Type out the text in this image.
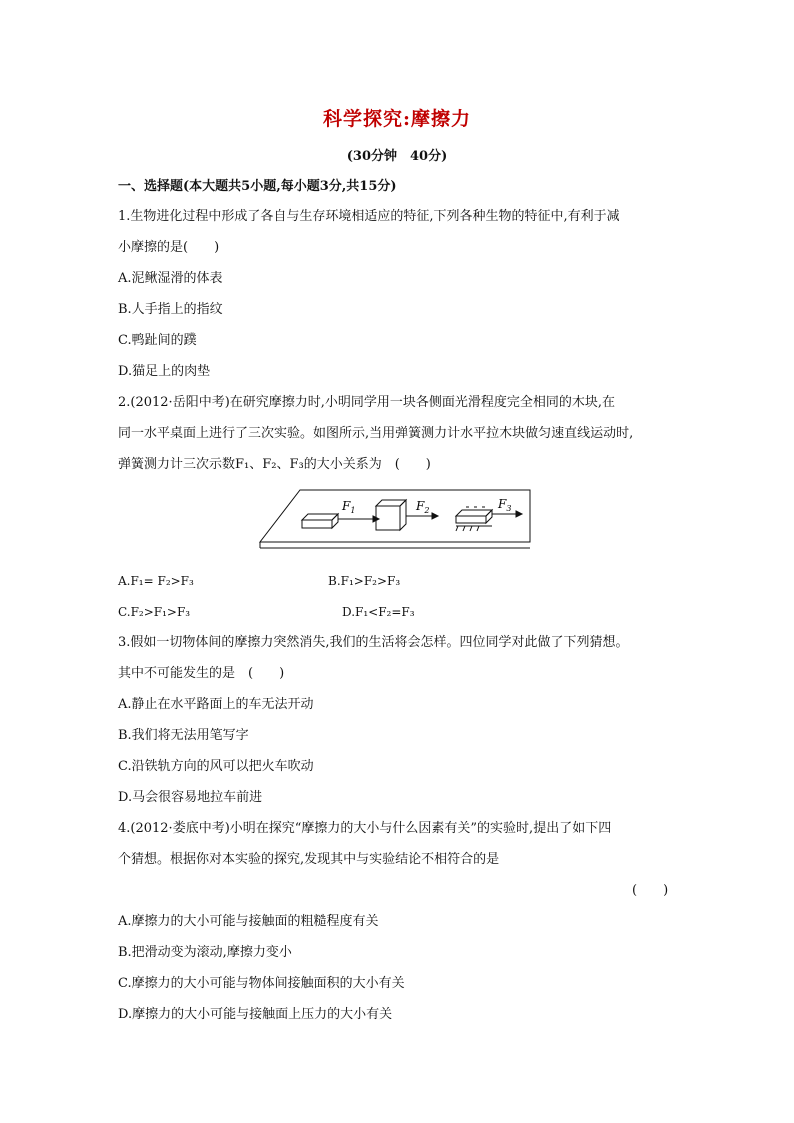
科学探究:摩擦力
(30分钟　40分)
一、选择题(本大题共5小题,每小题3分,共15分)
1.生物进化过程中形成了各自与生存环境相适应的特征,下列各种生物的特征中,有利于减
小摩擦的是(　　)
A.泥鳅湿滑的体表
B.人手指上的指纹
C.鸭趾间的蹼
D.猫足上的肉垫
2.(2012·岳阳中考)在研究摩擦力时,小明同学用一块各侧面光滑程度完全相同的木块,在
同一水平桌面上进行了三次实验。如图所示,当用弹簧测力计水平拉木块做匀速直线运动时,
弹簧测力计三次示数F₁、F₂、F₃的大小关系为　(　　)
$F_1$	$F_2$	$F_3$
A.F₁= F₂>F₃	B.F₁>F₂>F₃
C.F₂>F₁>F₃	D.F₁<F₂=F₃
3.假如一切物体间的摩擦力突然消失,我们的生活将会怎样。四位同学对此做了下列猜想。
其中不可能发生的是　(　　)
A.静止在水平路面上的车无法开动
B.我们将无法用笔写字
C.沿铁轨方向的风可以把火车吹动
D.马会很容易地拉车前进
4.(2012·娄底中考)小明在探究“摩擦力的大小与什么因素有关”的实验时,提出了如下四
个猜想。根据你对本实验的探究,发现其中与实验结论不相符合的是
(　　)
A.摩擦力的大小可能与接触面的粗糙程度有关
B.把滑动变为滚动,摩擦力变小
C.摩擦力的大小可能与物体间接触面积的大小有关
D.摩擦力的大小可能与接触面上压力的大小有关
